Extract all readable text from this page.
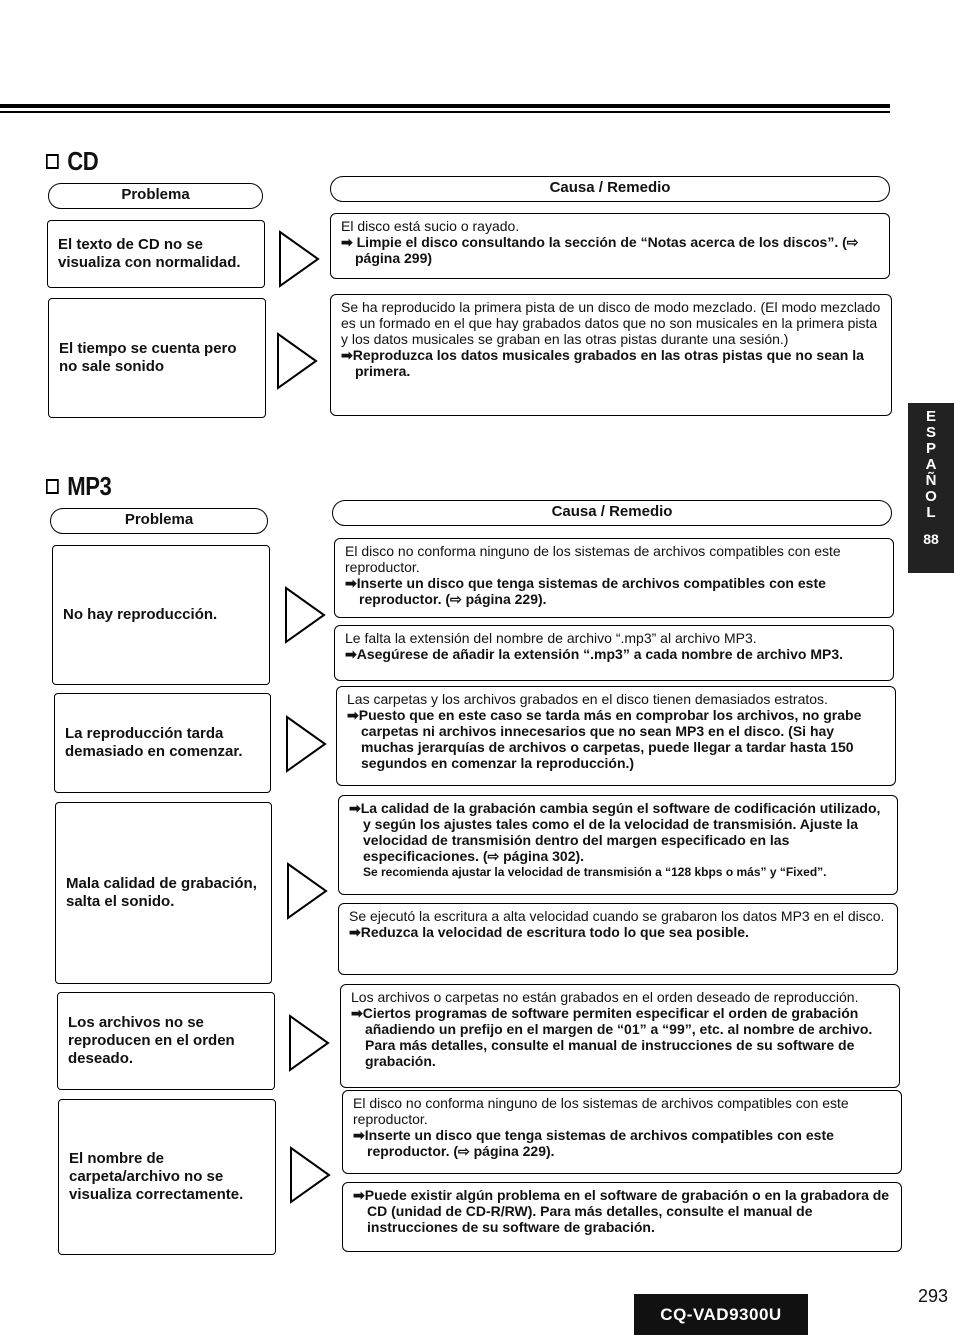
CD
Problema	Causa / Remedio
El texto de CD no se visualiza con normalidad.
El disco está sucio o rayado.
➡ Limpie el disco consultando la sección de “Notas acerca de los discos”. (⇨ página 299)
El tiempo se cuenta pero no sale sonido
Se ha reproducido la primera pista de un disco de modo mezclado. (El modo mezclado es un formado en el que hay grabados datos que no son musicales en la primera pista y los datos musicales se graban en las otras pistas durante una sesión.)
➡Reproduzca los datos musicales grabados en las otras pistas que no sean la primera.
MP3
Problema	Causa / Remedio
No hay reproducción.
El disco no conforma ninguno de los sistemas de archivos compatibles con este reproductor.
➡Inserte un disco que tenga sistemas de archivos compatibles con este reproductor. (⇨ página 229).
Le falta la extensión del nombre de archivo “.mp3” al archivo MP3.
➡Asegúrese de añadir la extensión “.mp3” a cada nombre de archivo MP3.
La reproducción tarda demasiado en comenzar.
Las carpetas y los archivos grabados en el disco tienen demasiados estratos.
➡Puesto que en este caso se tarda más en comprobar los archivos, no grabe carpetas ni archivos innecesarios que no sean MP3 en el disco. (Si hay muchas jerarquías de archivos o carpetas, puede llegar a tardar hasta 150 segundos en comenzar la reproducción.)
Mala calidad de grabación, salta el sonido.
➡La calidad de la grabación cambia según el software de codificación utilizado, y según los ajustes tales como el de la velocidad de transmisión. Ajuste la velocidad de transmisión dentro del margen especificado en las especificaciones. (⇨ página 302).
Se recomienda ajustar la velocidad de transmisión a “128 kbps o más” y “Fixed”.
Se ejecutó la escritura a alta velocidad cuando se grabaron los datos MP3 en el disco.
➡Reduzca la velocidad de escritura todo lo que sea posible.
Los archivos no se reproducen en el orden deseado.
Los archivos o carpetas no están grabados en el orden deseado de reproducción.
➡Ciertos programas de software permiten especificar el orden de grabación añadiendo un prefijo en el margen de “01” a “99”, etc. al nombre de archivo. Para más detalles, consulte el manual de instrucciones de su software de grabación.
El nombre de carpeta/archivo no se visualiza correctamente.
El disco no conforma ninguno de los sistemas de archivos compatibles con este reproductor.
➡Inserte un disco que tenga sistemas de archivos compatibles con este reproductor. (⇨ página 229).
➡Puede existir algún problema en el software de grabación o en la grabadora de CD (unidad de CD-R/RW). Para más detalles, consulte el manual de instrucciones de su software de grabación.
E
S
P
A
Ñ
O
L
88
CQ-VAD9300U
293
